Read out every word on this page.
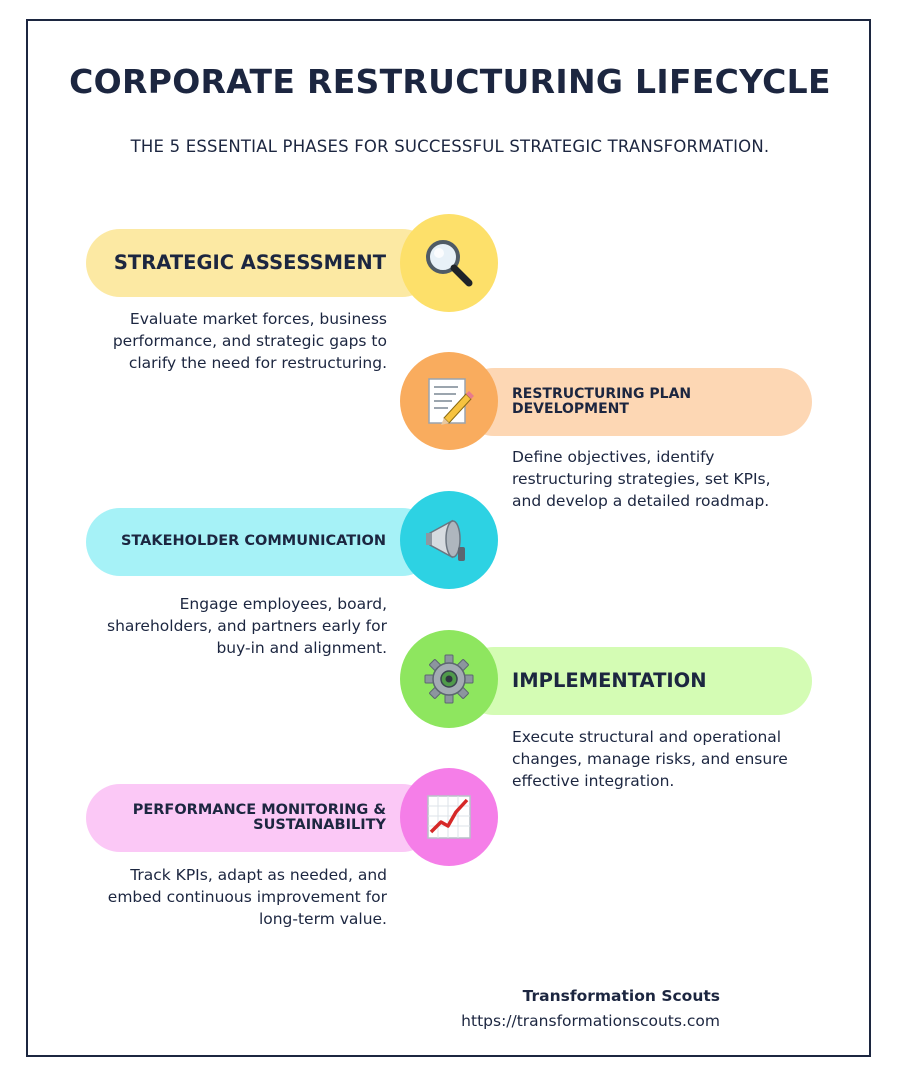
CORPORATE RESTRUCTURING LIFECYCLE
THE 5 ESSENTIAL PHASES FOR SUCCESSFUL STRATEGIC TRANSFORMATION.
STRATEGIC ASSESSMENT
Evaluate market forces, business performance, and strategic gaps to clarify the need for restructuring.
RESTRUCTURING PLAN DEVELOPMENT
Define objectives, identify restructuring strategies, set KPIs, and develop a detailed roadmap.
STAKEHOLDER COMMUNICATION
Engage employees, board, shareholders, and partners early for buy-in and alignment.
IMPLEMENTATION
Execute structural and operational changes, manage risks, and ensure effective integration.
PERFORMANCE MONITORING & SUSTAINABILITY
Track KPIs, adapt as needed, and embed continuous improvement for long-term value.
Transformation Scouts
https://transformationscouts.com
